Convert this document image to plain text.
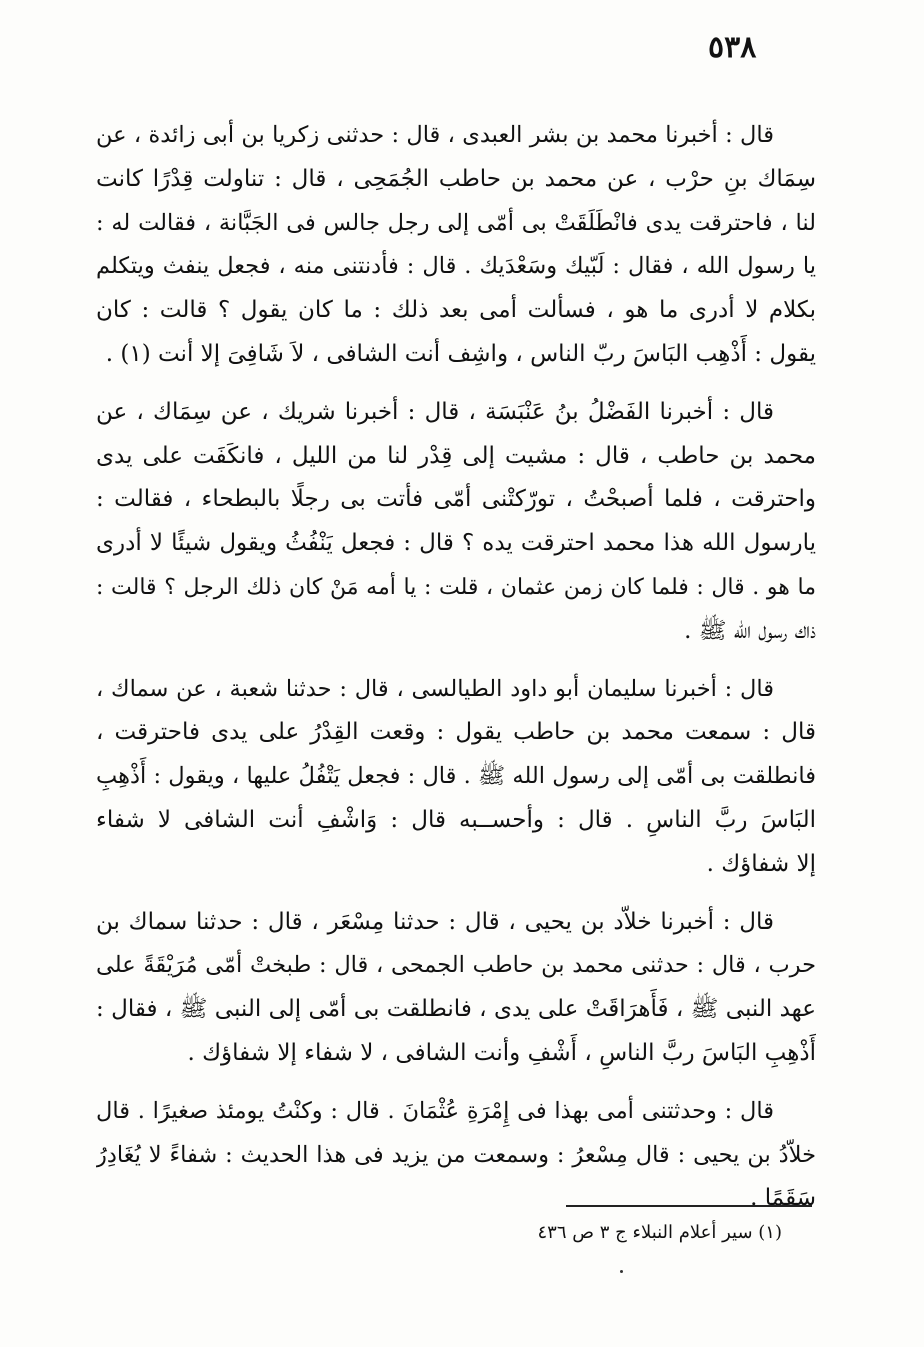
٥٣٨

قال : أخبرنا محمد بن بشر العبدى ، قال : حدثنى زكريا بن أبى زائدة ، عن
سِمَاك بنِ حرْب ، عن محمد بن حاطب الجُمَحِى ، قال : تناولت قِدْرًا كانت
لنا ، فاحترقت يدى فانْطَلَقَتْ بى أمّى إلى رجل جالس فى الجَبَّانة ، فقالت له :
يا رسول الله ، فقال : لَبّيك وسَعْدَيك . قال : فأدنتنى منه ، فجعل ينفث ويتكلم
بكلام لا أدرى ما هو ، فسألت أمى بعد ذلك : ما كان يقول ؟ قالت : كان
يقول : أَذْهِب البَاسَ ربّ الناس ، واشِف أنت الشافى ، لاَ شَافِىَ إلا أنت (١) .

قال : أخبرنا الفَضْلُ بنُ عَنْبَسَة ، قال : أخبرنا شريك ، عن سِمَاك ، عن
محمد بن حاطب ، قال : مشيت إلى قِدْر لنا من الليل ، فانكَفَت على يدى
واحترقت ، فلما أصبحْتُ ، تورّكتْنى أمّى فأتت بى رجلًا بالبطحاء ، فقالت :
يارسول الله هذا محمد احترقت يده ؟ قال : فجعل يَنْفُثُ ويقول شيئًا لا أدرى
ما هو . قال : فلما كان زمن عثمان ، قلت : يا أمه مَنْ كان ذلك الرجل ؟ قالت :
ذاك رسول الله ﷺ .

قال : أخبرنا سليمان أبو داود الطيالسى ، قال : حدثنا شعبة ، عن سماك ،
قال : سمعت محمد بن حاطب يقول : وقعت القِدْرُ على يدى فاحترقت ،
فانطلقت بى أمّى إلى رسول الله ﷺ . قال : فجعل يَتْفُلُ عليها ، ويقول : أَذْهِبِ
البَاسَ ربَّ الناسِ . قال : وأحســبه قال : وَاشْفِ أنت الشافى لا شفاء
إلا شفاؤك .

قال : أخبرنا خلاّد بن يحيى ، قال : حدثنا مِسْعَر ، قال : حدثنا سماك بن
حرب ، قال : حدثنى محمد بن حاطب الجمحى ، قال : طبختْ أمّى مُرَيْقَةً على
عهد النبى ﷺ ، فَأَهرَاقَتْ على يدى ، فانطلقت بى أمّى إلى النبى ﷺ ، فقال :
أَذْهِبِ البَاسَ ربَّ الناسِ ، أَشْفِ وأنت الشافى ، لا شفاء إلا شفاؤك .

قال : وحدثتنى أمى بهذا فى إِمْرَةِ عُثْمَانَ . قال : وكنْتُ يومئذ صغيرًا . قال
خلاّدُ بن يحيى : قال مِسْعرُ : وسمعت من يزيد فى هذا الحديث : شفاءً لا يُغَادِرُ
سَقَمًا .

(١) سير أعلام النبلاء ج ٣ ص ٤٣٦
